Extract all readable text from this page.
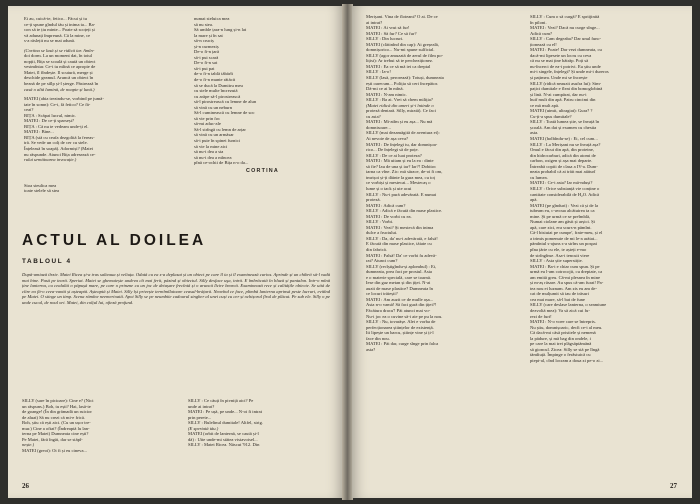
Ei au, cuică-te, fetico... Făcui și tu

ce-ți spune gîndul tău și inima ta... Ba-

con să te țiu minte... Poate să scoțeți și

vă adunați împreună. Că la mine, ce

s-a răslețit nu se mai adună.

(Cortina se lasă și se ridică iar. Amîn-

doi dorm. La un moment dat, în toiul

nopții, Bița se scoală și caută un obiect

vestmîntar. Ce-i tu mîină ce apropie de

Matei, îl fîndește. Il scutură, merge și

deschide geamul. Aruncă un obiect în

beznă de pe stîlp și-l șterge. Păstrează în

casă o altă lumină, de noapte și lună.)

MATEI (abia trezindu-se, vorbind pe jumă-

tate în somn): Ce-i, fă fetico? Ce fă-

ceai?

BIȚA : Scăpai lucrul, nimic.

MATEI : De ce-ți sparseși?

BIȚA : Că nu te vedeam unde-ți el.

MATEI : Bine...

BIȚA (stă cu ceafa dezgolită la fereas-

tră. Se vede un colț de cer cu stele.

Înțeleasă în soapă). Adormiși? (Matei

nu răspunde. Atunci Bița adresează ce-

rului următoarea invocație.)

Stoa steulica mea

toate stelele să stea

numai steluica mea

să nu stea.

Să umble țara-n lung și-n lat

la mare și în sat

să-n cruciș

și-n curmeziș

De-o fi-n țară

să-i pui scară

De-o fi-n sat

să-i pui pat

de-o fi-n tablă tăbărît

de-o fi-n munte rătăcit

să se ducă la Dumitru meu

cu stele multe încrezută

cu arăpe să-l pirostrească

să-l pirostrească cu lemne de alun

să vină cu un neburn

Să-l cuminească cu lemne de soc

să vie prin foc

să-mi aduc-ale

Să-l strîngă cu lemn de arțar

să vină cu un armăsar

să-i puie în spinei furnici

să vie la mine aici

să nu-i dea a sta

să nu-i dea a mîncea

pînă ce-ochii de Bița n-o da...

CORTINA
ACTUL AL DOILEA
TABLOUL 4
După-amiază tîrzie. Matei Ricea și-a tras salteaua și veliuța. Odată cu ea s-a deplasat și un obiect pe care îl ia și îl examinează curios. Aprinde și un chibrit să-l vadă mai bine. Pasă pe teară. Speriat. Matei se ghemuiește undeva cît mai ferit, păzind și obiectul. Silly desface uşa, intră. E îmbrăcată în bluză și pantalon. Intr-o mînă ține lanterna, cu cealaltă o păpușă mare, pe care o prinzne cu un joc de detașare frecîntă și o aruncă lîcire bearcă. Examinează rece și calitățile obiecte. Se uită de cître ea fă-o ceea-vantă și așteaptă. Așteaptă și Matei. Silly își privește termîmîlatoare ceasul-brățară. Neavînd ce face, plimbă lanterna aprinsă peste lucruri, evitînd pe Matei. O stinge un timp. Scena rămîne neemerioatâ. Apoi Silly se pe neumbite cadourul singher al unei cuși cu cer și ochișorul fîrul de plăcut. Pe sub ele. Silly o pe unde cucul, de noul ori. Matei, din colțul lui, ofteză profund.

SILLY (sare în picioare): Cine e? (Nici

un răspuns.) Boh, tu ești? Hai, lasă-te

de goange! (În din grămadă un ruicior

de aluat) Să nu crezi că mi-e frică.

Boh, știu că ești aici. (Cu un ușor tre-

mur.) Cine a oftat? (Îndreaptă lu lan-

terna pe Matei) Dumneata cine ești?

Pe Matei, fără îngăi, dar se stăpî-

nește.)

MATEI (greoi): Oi fi și eu cineva...

SILLY : Ce căuți în pivniță aici? Pe

unde ai intrat?

MATEI : Pe ușă, pe unde... N-oi fi intrat

prin perete...

SILLY : Bulelinul dumitale! Altfel, strig.

(E speriată tău.)

MATEI (orbit de lanternă, se caută și-l

dă) : Uite unde-mi stătea vistavoisel...

SILLY : Matei Ricea. Născut '912. Din

26

Merișani. Vina de floteant? O ai. De ce

ai intrat?

MATEI : Ai vrut să fur!

MATEI : Să fur? Ce să fur?

SILLY : Din lucruri.

MATEI (clătinînd din cap): Ai greșeală,

domnișorico... Nu-mi spune sulficial.

SILLY (agor amuzată de aerul de film po-

lițist): Ar trebui să te percheziționez.

MATEI : Ea ce să mă iei ca dreptal

SILLY : Ia-o!

SILLY (lasă, perorează): Totuși, dumneata

ești oarecum... Poliția să ceri începător.

Dă-mi ce ai în mînă.

MATEI : N-am nimic.

SILLY : Ba ai. Vrei să chem miliția?

(Matei ridică din umeri și-i întinde o

proteză dentară. Silly, mirată). Ce faci

cu asta?

MATEI : Mi-atîm și eu așa... Nu mă

domnisoare...

SILLY (mai dezamăgită de aventura ei):

Ai nevoie de așa ceva?

MATEI : De înțelegi tu, dar domnișoa-

rico... De înțelegi să de poțe.

SILLY : De ce ai luat proteza?

MATEI : Mă uitam și eu la ea : dinte

să fie? Iau de una și iar? Iar?! Dobitoc

iarna ca vîne. Zic: mă sărace, de-oi fi om,

tmrișoi și-ți dăinte la gura mea, cu toț

ce vorbiși și mestecai... Mestecaș o

lume și o tack și ute acui

SILLY : Nu-i pură adevărată. E numai

proteză.

MATEI : Adică cum?

SILLY : Adică e făcută din mase plastice.

MATEI : De vorbi cu ea.

SILLY : Vorbi.

MATEI : Vezi? Și mestecă din inima

dulce a fructului.

SILLY : Da, da' nu-i adevărată, e falsă!

E făcută din mase plastice, tăiate cu

din fabrică.

MATEI : Falsă! Da' ce vorbi fu adevă-

rat? Atunci cum?

SILLY (recîștigîndu-și aplombul) : Ei,

dumneata, prea faci pe prostul. Asta

e o materie specială, care se toarnă.

Iese din gaz metan și din țiței. N-ai

auzit de mase plastice? Dumneata în

ce locuri trăiești?

MATEI : Am auzit ce de mulîe așa...

Asta n-o vamă! Să faci gură din țiței?!

Făcătura dracu'! Păi atunci mai vo-

Nu-i joc ea o cuvine să-i aie pe pu la nou.

SILLY : Nu, tovarășe. Alei e vorba de

perfecționarea științelor de existență.

Iti lipește un barcu, științe vine și ți-l

face din nou.

MATEI : Păi dar, curge sînge prin falca

asta?

SILLY : Cum o să curgă? E spriijinită

în piloni.

MATEI : Vezi? Dacă nu curge sînge...

Adică cum?

SILLY : Cam degeaba? Dar unul func-

ționează cu el!

MATEI : Poate! Dar vezi dumneata, cu

dacă-mi lipesete un locru cu ceva

că nu se mai ține bătrăp. Poți să

nu-încerci de ea-i potrivi. Eu știu unde

mi-i singele, înțelegi? Și unde mi-i dureros

și pațimea. Unde mi se încrește

SILLY (ridică neauzit asufra lui): Sim-

pațici dumitale e fleat din bomoglobină

și lină. N-ai cumpărat, dar nu-i

huif mult din apă. Patru cincimi din

ce mă mult apă.

MATEI (uimit, ultragiat): Gura? ?

Cu-ți-a spus dumitale?

SILLY : Toată lumea știe, se învață în

școală. Am dat și examen cu chestia

asta.

MATEI (holbîndu-se) : Ei, cel cum...

SILLY : La Merișani nu se învață așa?

Omul e făcut din apă, din proteine,

din hidrocarburi, adică din atomi de

carbon, oxigen și așa mai departe.

Întreabă copiii de clasa a IV-a. Dum-

neata probabil că ai trăit mai aiăturî

cu lumea.

MATEI : Ce-i asta? Iar mă-nduși?

SILLY : Orice substanță vie conține o

cantitate considerabilă de H₂O. Adică

apă.

MATEI (pe gînduri) : Vezi că și de la

tubeam eu, c-avoua alcătuirea ta ca

mine. Și pe urmă ce se preîmblă,

Numai ciolane am găsit și arșici. Și

apă, care zici, era scurs-n pămînt.

Că-l bisiuiai pe cumpe', frate-meu, și el

a trimis pomenuie de mi le-a arătat...

pămîntul s-ajuns s-a strîns un pospai

pîna țărie cu ele, te așteți e-mo

de strîngînse. Asa-i tencuit viere

SILLY : Asta știe superstiție.

MATEI : Ba-i e chiar cum spun. Și pe

urmă eu l-am cotrocojit, cu dreptate, ca

am emită greu. Că-mi plesnea în mine

și m-aș răsare. Au spus că-am furat! Pa-

tea nou ei luznam. Am zis eu am de-

cat de mulțumit să iau de trăsuri

cea mai mare, să-l bat de fune

SILLY (care deslase lanterna, o seamiune

dezvoltă mea): Va să zică cui fu-

rezi de furt!

MATEI : N-o voee care se întrepris.

Nu știu, domnișoaric, decît ce-i al meu.

Că dacă-mi căsă pristiele și nemenă

la pădure, și mă bag din ondele, i

pe care la mai trei plăgsăptămănă

să gioncul. Zicea: Silly se stă pe lîngă

tămîiuță. Împinge o ferâstuică cu

piept-al, cînd locram a doua zi pe-o zi...

27
